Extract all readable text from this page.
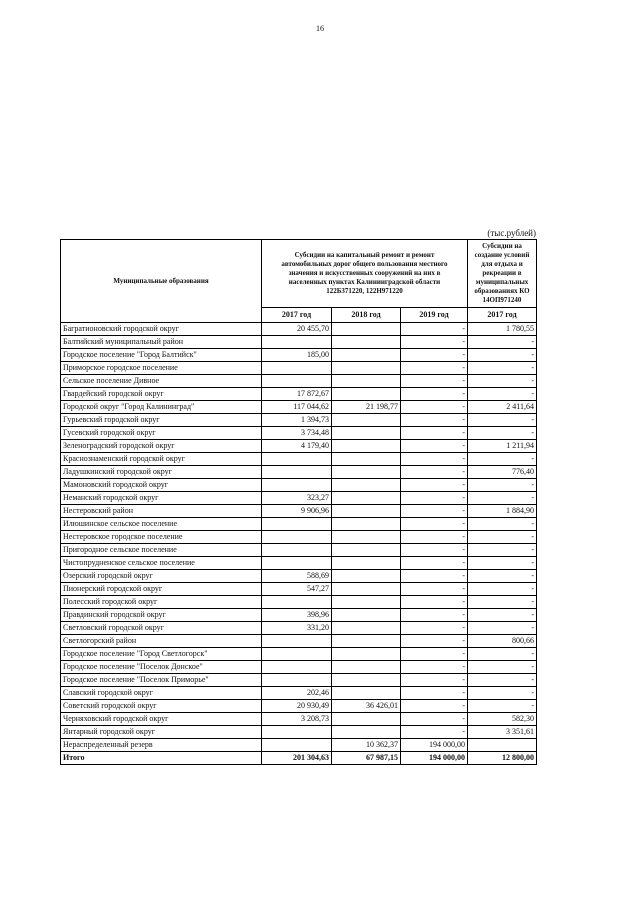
16
(тыс.рублей)
Муниципальные образования	Субсидии на капитальный ремонт и ремонт автомобильных дорог общего пользования местного значения и искусственных сооружений на них в населенных пунктах Калининградской области 122Б371220, 122Н971220			Субсидии на создание условий для отдыха и рекреации в муниципальных образованиях КО 14ОП971240
	2017 год	2018 год	2019 год	2017 год
Багратионовский городской округ	20 455,70		-	1 780,55
Балтийский муниципальный район			-	-
Городское поселение "Город Балтийск"	185,00		-	-
Приморское городское поселение			-	-
Сельское поселение Дивное			-	-
Гвардейский городской округ	17 872,67		-	-
Городской округ "Город Калининград"	117 044,62	21 198,77	-	2 411,64
Гурьевский городской округ	1 394,73		-	-
Гусевский городской округ	3 734,48		-	-
Зеленоградский городской округ	4 179,40		-	1 211,94
Краснознаменский городской округ			-	-
Ладушкинский городской округ			-	776,40
Мамоновский городской округ			-	-
Неманский городской округ	323,27		-	-
Нестеровский район	9 906,96		-	1 884,90
Илюшинское сельское поселение			-	-
Нестеровское городское поселение			-	-
Пригородное сельское поселение			-	-
Чистопрудненское сельское поселение			-	-
Озерский городской округ	588,69		-	-
Пионерский городской округ	547,27		-	-
Полесский городской округ			-	-
Правдинский городской округ	398,96		-	-
Светловский городской округ	331,20		-	-
Светлогорский район			-	800,66
Городское поселение "Город Светлогорск"			-	-
Городское поселение "Поселок Донское"			-	-
Городское поселение "Поселок Приморье"			-	-
Славский городской округ	202,46		-	-
Советский городской округ	20 930,49	36 426,01	-	-
Черняховский городской округ	3 208,73		-	582,30
Янтарный городской округ			-	3 351,61
Нераспределенный резерв		10 362,37	194 000,00	
Итого	201 304,63	67 987,15	194 000,00	12 800,00
